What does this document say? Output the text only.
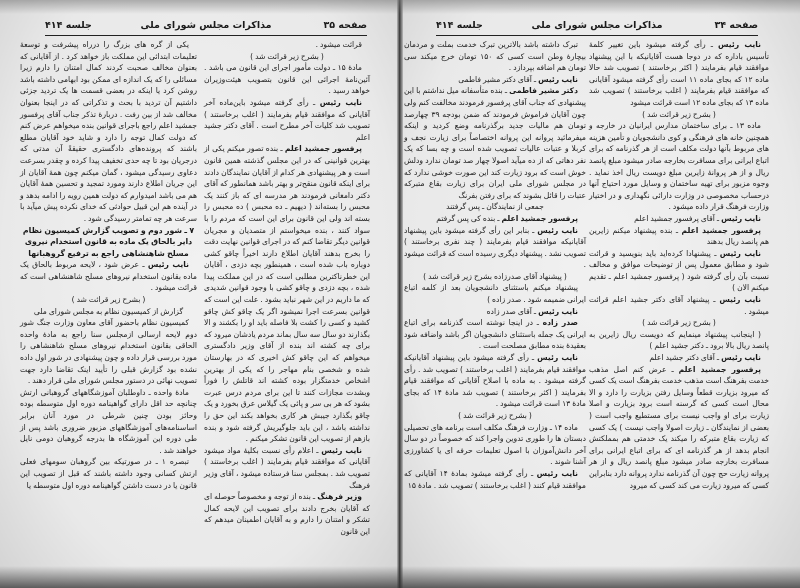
صفحه ۳۵
مذاکرات مجلس شورای ملی
جلسه ۴۱۴

قرائت میشود .

( بشرح زیر قرائت شد )

مادهٔ ۱۵ ـ دولت مأمور اجرای این قانون می باشد . آئین‌نامهٔ اجرائی این قانون بتصویب هیئت‌وزیران خواهد رسید .

نایب رئیس ـ رأی گرفته میشود باین‌ماده آخر آقایانی که موافقند قیام بفرمایند ( اغلب برخاستند ) تصویب شد کلیات آخر مطرح است . آقای دکتر جشید اعلم

پرفسور جمشید اعلم ـ بنده تصور میکنم یکی از بهترین قوانینی که در این مجلس گذشته همین قانون است و هر پیشنهادی هر کدام از آقایان نمایندگان دادند برای اینکه قانون منقح‌تر و بهتر باشد همانطور که آقای دکتر دامغانی فرمودند هر مدرسه ای که باز کنند یک محبس را بسته‌اند ( دیهیم ـ ده محبس ) ده محبس را بسته اند ولی این قانون برای این است که مردم را با سواد کنند ، بنده میخواستم از متصدیان و مجریان قوانین دیگر تقاضا کنم که در اجرای قوانین نهایت دقت را بخرج بدهند آقایان اطلاع دارند اخیراً چاقو کشی دوباره باب شده است ، همینطور بچه دزدی ، آقایان این خطرناکترین مطلبی است که در این مملکت پیدا شده ، بچه دزدی و چاقو کشی با وجود قوانین شدیدی که ما داریم در این شهر نباید بشود . علت این است که قوانین بسرعت اجرا نمیشود اگر یک چاقو کش چاقو کشید و کسی را کشت بلا فاصله باید او را بکشند و الا بگذارند دو سال سه سال بماند مردم یادشان میرود که برای چه کشته اند بنده از آقای وزیر دادگستری میخواهم که این چاقو کش اخیری که در بهارستان شده و شخصی بنام مهاجر را که یکی از بهترین اشخاص خدمتگزار بوده کشته اند قاتلش را فوراً وبشدت مجازات کنند تا این برای مردم درس عبرت بشود که هر بی سر و پائی یک گیلاس عرق بخورد و یک چاقو بگذارد جیبش هر کاری بخواهد بکند این حق را نداشته باشد ، این باید جلوگیریش گرفته شود و بنده بازهم از تصویب این قانون تشکر میکنم .

نایب رئیس ـ اعلام رأی نسبت بکلیهٔ مواد میشود آقایانی که موافقند قیام بفرمایند ( اغلب برخاستند ) تصویب شد . بمجلس سنا فرستاده میشود ، آقای وزیر فرهنگ

وزیر فرهنگ ـ بنده از توجه و مخصوصاً حوصله ای که آقایان بخرج دادند برای تصویب این لایحه کمال تشکر و امتنان را دارم و به آقایان اطمینان میدهم که این قانون

یکی از گره های بزرگ را درراه پیشرفت و توسعهٔ تعلیمات ابتدائی این مملکت باز خواهد کرد . از آقایانی که بعنوان مخالف صحبت کردند کمال امتنان را دارم زیرا مسائلی را که یک اندازه ای ممکن بود ابهامی داشته باشد روشن کرد یا اینکه در بعضی قسمت ها یک تردید جزئی داشتیم آن تردید با بحث و تذکراتی که در اینجا بعنوان مخالف شد از بین رفت . دربارهٔ تذکر جناب آقای پرفسور جمشید اعلم راجع باجرای قوانین بنده میخواهم عرض کنم که دولت کمال توجه را دارد و شاید خود آقایان مطلع باشند که پرونده‌های دادگستری حقیقةً آن مدتی که درجریان بود تا چه حدی تخفیف پیدا کرده و چقدر بسرعت دعاوی رسیدگی میشود ، گمان میکنم چون همهٔ آقایان از این جریان اطلاع دارند ومورد تمجید و تحسین همهٔ آقایان هم می باشد امیدوارم که دولت همین رویه را ادامه بدهد و در آینده هم این قبیل حوادثی که خدای نکرده پیش میآید با سرعت هر چه تمامتر رسیدگی شود .

۷ ـ شور دوم و تصویب گزارش کمیسیون نظام دایر بالحاق یک ماده به قانون استخدام نیروی مسلح شاهنشاهی راجع به ترفیع گروهبانها

نایب رئیس ـ عرض شود ، لایحه مربوط بالحاق یک ماده بقانون استخدام نیروهای مسلح شاهنشاهی است که قرائت میشود .

( بشرح زیر قرائت شد )

گزارش از کمیسیون نظام به مجلس شورای ملی

کمیسیون نظام باحضور آقای معاون وزارت جنگ شور دوم لایحه ارسالی ازمجلس سنا راجع به مادهٔ واحده الحاقی بقانون استخدام نیروهای مسلح شاهنشاهی را مورد بررسی قرار داده و چون پیشنهادی در شور اول داده نشده بود گزارش قبلی را تأیید اینک تقاضا دارد جهت تصویب نهائی در دستور مجلس شورای ملی قرار دهند .

مادهٔ واحده ـ داوطلبان آموزشگاههای گروهبانی ارتش چنانچه حد اقل دارای گواهینامه دوره اول متوسطه بوده وحائز بودن چنین شرطی در مورد آنان برابر اساسنامه‌های آموزشگاههای مزبور ضروری باشد پس از طی دوره این آموزشگاه ها بدرجه گروهبان دومی نایل خواهند شد .

تبصره ۱ ـ در صورتیکه بین گروهبان سومهای فعلی ارتش کسانی وجود داشته باشند که قبل از تصویب این قانون یا در دست داشتن گواهینامه دوره اول متوسطه یا

صفحه ۳۴
مذاکرات مجلس شورای ملی
جلسه ۴۱۴

نایب رئیس ـ رأی گرفته میشود باین تغییر کلمهٔ تأسیس باداره که در دوجا هست آقایانیکه با این پیشنهاد موافقند قیام بفرمایند ( اکثر برخاستند ) تصویب شد حالا ماده ۱۲ که بجای ماده ۱۱ است رأی گرفته میشود آقایانی که موافقند قیام بفرمایند ( اغلب برخاستند ) تصویب شد ماده ۱۳ که بجای ماده ۱۲ است قرائت میشود

( بشرح زیر قرائت شد )

ماده ۱۳ ـ برای ساختمان مدارس ایرانیان در خارجه و همچنین خانه های فرهنگی و کوی دانشجویان و تأمین هزینه های مربوط بآنها دولت مکلف است از هر گذرنامه که برای اتباع ایرانی برای مسافرت بخارجه صادر میشود مبلغ پانصد ریال و از هر پروانهٔ زایرین مبلغ دویست ریال اخذ نماید . وجوه مزبور برای تهیه ساختمان و وسایل مورد احتیاج آنها درحساب مخصوصی در وزارت دارائی نگهداری و در اختیار وزارت فرهنگ قرار داده میشود .

نایب رئیس ـ آقای پرفسور جمشید اعلم

پرفسور جمشید اعلم ـ بنده پیشنهاد میکنم زایرین هم پانصد ریال بدهند

نایب رئیس ـ پیشنهادا کرده‌اید باید بنویسید و قرائت شود و مطابق معمول پس از توضیحات موافق و مخالف نسبت بآن رأی گرفته شود ( پرفسور جمشید اعلم ـ تقدیم میکنم الان )

نایب رئیس ـ پیشنهاد آقای دکتر جشید اعلم قرائت میشود .

( بشرح زیر قرائت شد )

( اینجانب پیشنهاد مینمایم که دویست ریال زایرین به پانصد ریال بالا برود ـ دکتر جشید اعلم )

نایب رئیس ـ آقای دکتر جشید اعلم

پرفسور جمشید اعلم ـ عرض کنم اصل مذهب خدمت بفرهنگ است مذهب خدمت بفرهنگ است یک کسی که میرود بزیارت قطعاً وسایل رفتن بزیارت را دارد و الا محال است کسی که گرسنه است برود بزیارت و اصلا زیارت برای او واجب نیست برای مستطیع واجب است ( بعضی از نمایندگان ـ زیارت اصولا واجب نیست ) یک کسی که زیارت بقاع متبرکه را میکند یک خدمتی هم بمملکتش انجام بدهد از هر گذرنامه ای که برای اتباع ایرانی برای مسافرت بخارجه صادر میشود مبلغ پانصد ریال و از هر پروانه زیارت حج چون آن گذرنامه ندارد پروانه دارد بنابراین کسی که میرود زیارت می کند کسی که میرود

تبرک داشته باشد بالاترین تبرک خدمت بملت و مردمان بیچارهٔ وطن است کسی که ۱۵۰ تومان خرج میکند سی تومان هم اضافه بپردازد .

نایب رئیس ـ آقای دکتر مشیر فاطمی

دکتر مشیر فاطمی ـ بنده متأسفانه میل نداشتم با این پیشنهادی که جناب آقای پرفسور فرمودند مخالفت کنم ولی چون آقایان فراموش فرمودند که ضمن بودجه ۳۹ چهارصد تومان هم مالیات جدید برگذرنامه وضع کردید و اینکه میفرمائید پروانه این پروانه اختصاصاً برای زیارت نجف و کربلا و عتبات عالیات تصویب شده است و چه بسا که یک نفر دهاتی که از ده میآید اصولا چهار صد تومان ندارد ودلش خوش است که برود زیارت کند این صورت خوشی ندارد که در مجلس شورای ملی ایران برای زیارت بقاع متبرکه عتبات را قائل بشوند که برای رفتن بفرنگ

جمعی از نمایندگان ـ پس گرفتند

پرفسور جمشید اعلم ـ بنده کی پس گرفتم

نایب رئیس ـ بنابر این رأی گرفته میشود باین پیشنهاد آقایانیکه موافقند قیام بفرمایند ( چند نفری برخاستند ) تصویب نشد . پیشنهاد دیگری رسیده است که قرائت میشود .

( پیشنهاد آقای صدرزاده بشرح زیر قرائت شد )

پیشنهاد میکنم باستثنای دانشجویان بعد از کلمه اتباع ایرانی ضمیمه شود . صدر زاده )

نایب رئیس ـ آقای صدر زاده

صدر زاده ـ در اینجا نوشته است گذرنامه برای اتباع ایرانی یک جمله باستثنای دانشجویان اگر باشد واضافه شود بعقیدهٔ بنده مطابق مصلحت است .

نایب رئیس ـ رأی گرفته میشود باین پیشنهاد آقایانیکه موافقند قیام بفرمایند ( اغلب برخاستند ) تصویب شد . رأی گرفته میشود . به ماده با اصلاح آقایانی که موافقند قیام بفرمایند ( اکثر برخاستند ) تصویب شد مادهٔ ۱۴ که بجای مادهٔ ۱۳ است قرائت میشود .

( بشرح زیر قرائت شد )

ماده ۱۴ ـ وزارت فرهنگ مکلف است برنامه های تحصیلی دبستان ها را طوری تدوین واجرا کند که خصوصاً در دو سال آخر دانش‌آموزان با اصول تعلیمات حرفه ای یا کشاورزی آشنا شوند .

نایب رئیس ـ رأی گرفته میشود بمادهٔ ۱۴ آقایانی که موافقند قیام کنند ( اغلب برخاستند ) تصویب شد . مادهٔ ۱۵
